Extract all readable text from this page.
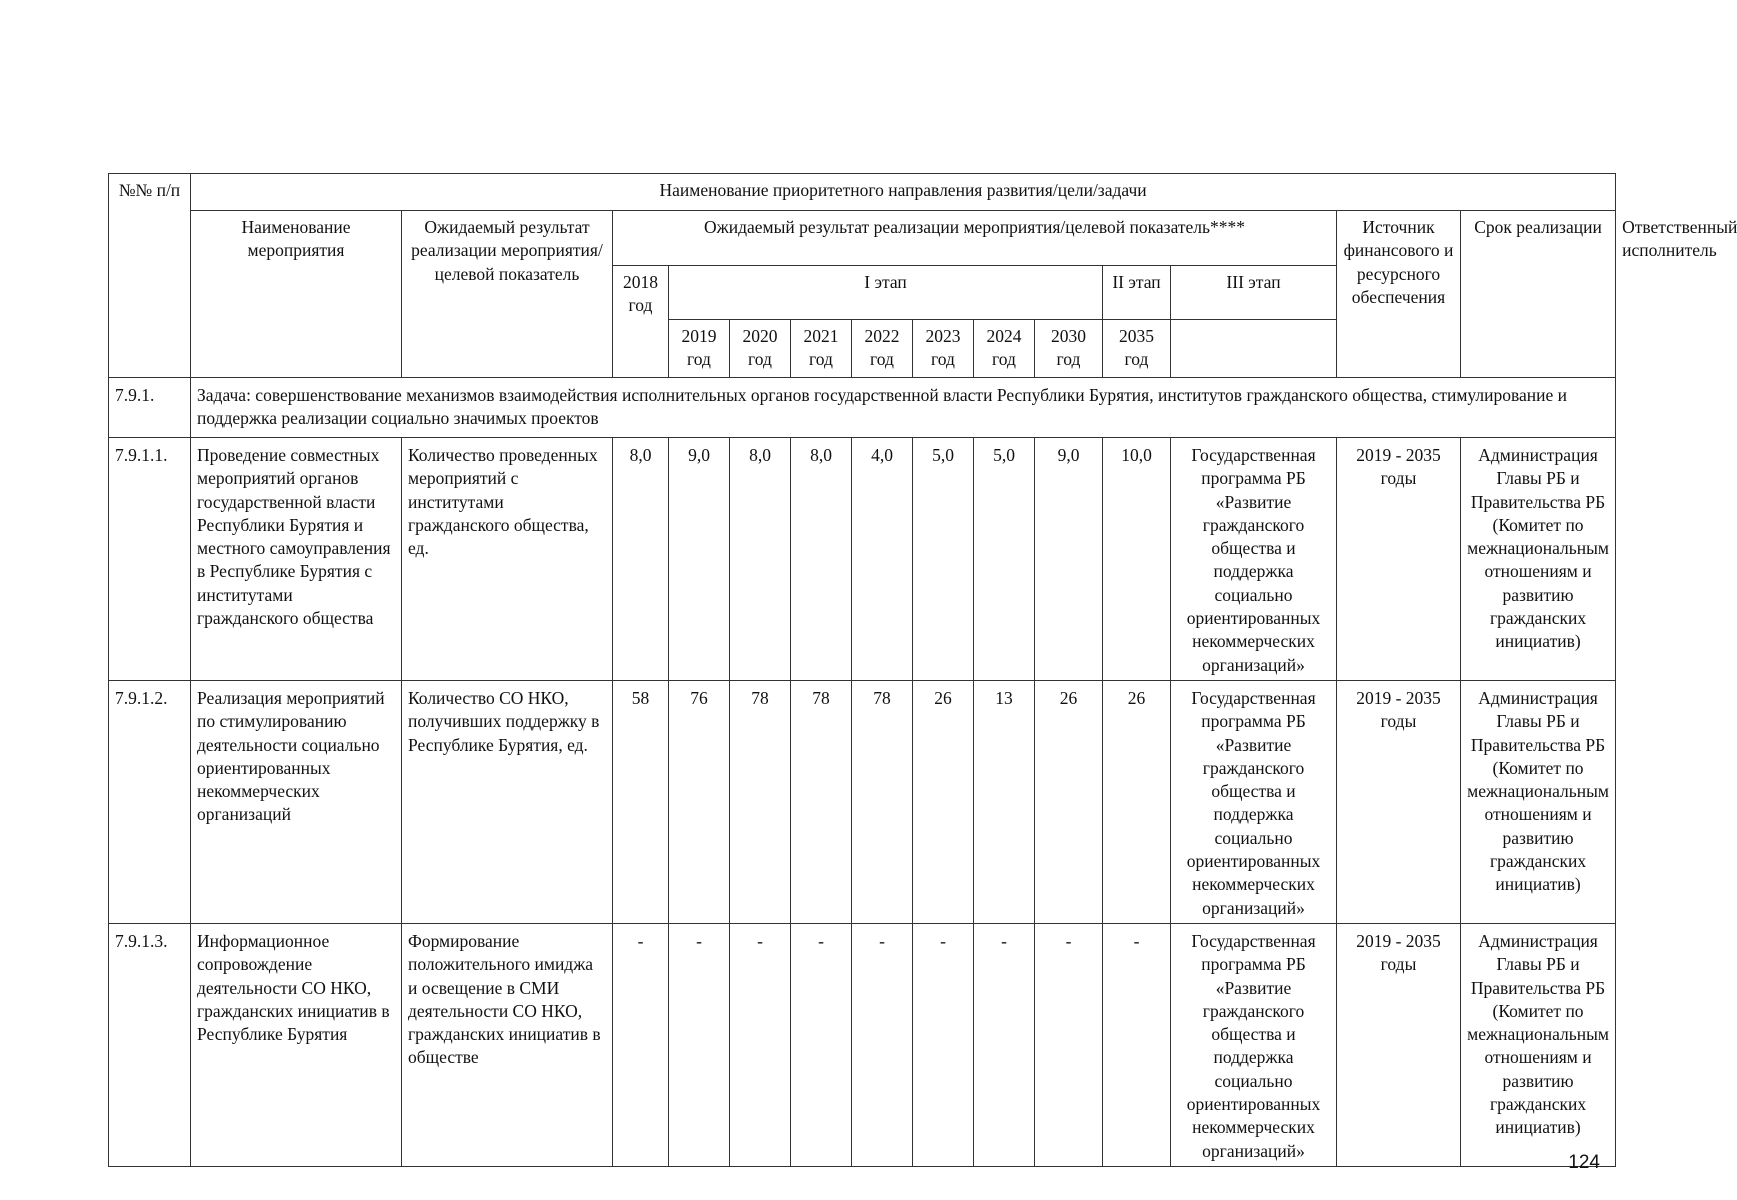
№№ п/п	Наименование приоритетного направления развития/цели/задачи														
	Наименование мероприятия	Ожидаемый результат реализации мероприятия/целевой показатель	Ожидаемый результат реализации мероприятия/целевой показатель****										Источник финансового и ресурсного обеспечения	Срок реализации	Ответственный исполнитель
			2018 год	I этап							II этап	III этап			
				2019 год	2020 год	2021 год	2022 год	2023 год	2024 год	2030 год	2035 год				
7.9.1.	Задача: совершенствование механизмов взаимодействия исполнительных органов государственной власти Республики Бурятия, институтов гражданского общества, стимулирование и поддержка реализации социально значимых проектов														
7.9.1.1.	Проведение совместных мероприятий органов государственной власти Республики Бурятия и местного самоуправления в Республике Бурятия с институтами гражданского общества	Количество проведенных мероприятий с институтами гражданского общества, ед.	8,0	9,0	8,0	8,0	4,0	5,0	5,0	9,0	10,0	Государственная программа РБ «Развитие гражданского общества и поддержка социально ориентированных некоммерческих организаций»	2019 - 2035 годы	Администрация Главы РБ и Правительства РБ (Комитет по межнациональным отношениям и развитию гражданских инициатив)	
7.9.1.2.	Реализация мероприятий по стимулированию деятельности социально ориентированных некоммерческих организаций	Количество СО НКО, получивших поддержку в Республике Бурятия, ед.	58	76	78	78	78	26	13	26	26	Государственная программа РБ «Развитие гражданского общества и поддержка социально ориентированных некоммерческих организаций»	2019 - 2035 годы	Администрация Главы РБ и Правительства РБ (Комитет по межнациональным отношениям и развитию гражданских инициатив)	
7.9.1.3.	Информационное сопровождение деятельности СО НКО, гражданских инициатив в Республике Бурятия	Формирование положительного имиджа и освещение в СМИ деятельности СО НКО, гражданских инициатив в обществе	-	-	-	-	-	-	-	-	-	Государственная программа РБ «Развитие гражданского общества и поддержка социально ориентированных некоммерческих организаций»	2019 - 2035 годы	Администрация Главы РБ и Правительства РБ (Комитет по межнациональным отношениям и развитию гражданских инициатив)	
124
